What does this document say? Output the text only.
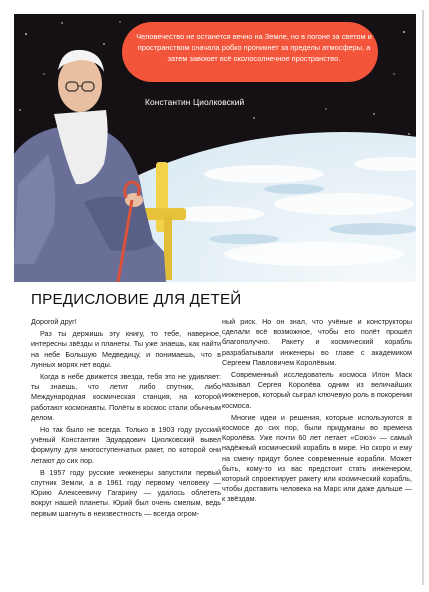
Человечество не останется вечно на Земле, но в погоне за светом и пространством сначала робко проникнет за пределы атмосферы, а затем завоюет всё околосолнечное пространство.

Константин Циолковский
ПРЕДИСЛОВИЕ ДЛЯ ДЕТЕЙ

Дорогой друг!

Раз ты держишь эту книгу, то тебе, наверное, интересны звёзды и планеты. Ты уже знаешь, как найти на небе Большую Медведицу, и понимаешь, что в лунных морях нет воды.

Когда в небе движется звезда, тебя это не удивляет: ты знаешь, что летит либо спутник, либо Международная космическая станция, на которой работают космонавты. Полёты в космос стали обычным делом.

Но так было не всегда. Только в 1903 году русский учёный Константин Эдуардович Циолковский вывел формулу для многоступенчатых ракет, по которой они летают до сих пор.

В 1957 году русские инженеры запустили первый спутник Земли, а в 1961 году первому человеку — Юрию Алексеевичу Гагарину — удалось облететь вокруг нашей планеты. Юрий был очень смелым, ведь первым шагнуть в неизвестность — всегда огром-

ный риск. Но он знал, что учёные и конструкторы сделали всё возможное, чтобы его полёт прошёл благополучно. Ракету и космический корабль разрабатывали инженеры во главе с академиком Сергеем Павловичем Королёвым.

Современный исследователь космоса Илон Маск называл Сергея Королёва одним из величайших инженеров, который сыграл ключевую роль в покорении космоса.

Многие идеи и решения, которые используются в космосе до сих пор, были придуманы во времена Королёва. Уже почти 60 лет летает «Союз» — самый надёжный космический корабль в мире. Но скоро и ему на смену придут более современные корабли. Может быть, кому-то из вас предстоит стать инженером, который спроектирует ракету или космический корабль, чтобы доставить человека на Марс или даже дальше — к звёздам.
